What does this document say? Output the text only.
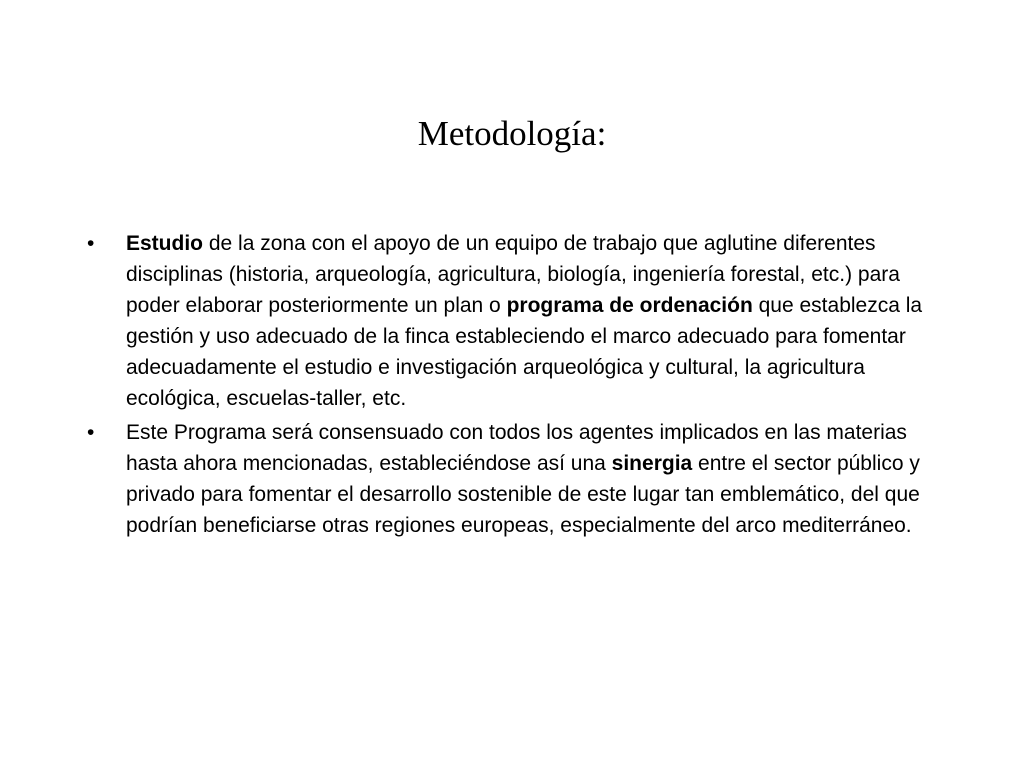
Metodología:
•	Estudio de la zona con el apoyo de un equipo de trabajo que aglutine diferentes disciplinas (historia, arqueología, agricultura, biología, ingeniería forestal, etc.) para poder elaborar posteriormente un plan o programa de ordenación que establezca la gestión y uso adecuado de la finca estableciendo el marco adecuado para fomentar adecuadamente el estudio e investigación arqueológica y cultural, la agricultura ecológica, escuelas-taller, etc.
•	Este Programa será consensuado con todos los agentes implicados en las materias hasta ahora mencionadas, estableciéndose así una sinergia entre el sector público y privado para fomentar el desarrollo sostenible de este lugar tan emblemático, del que podrían beneficiarse otras regiones europeas, especialmente del arco mediterráneo.
